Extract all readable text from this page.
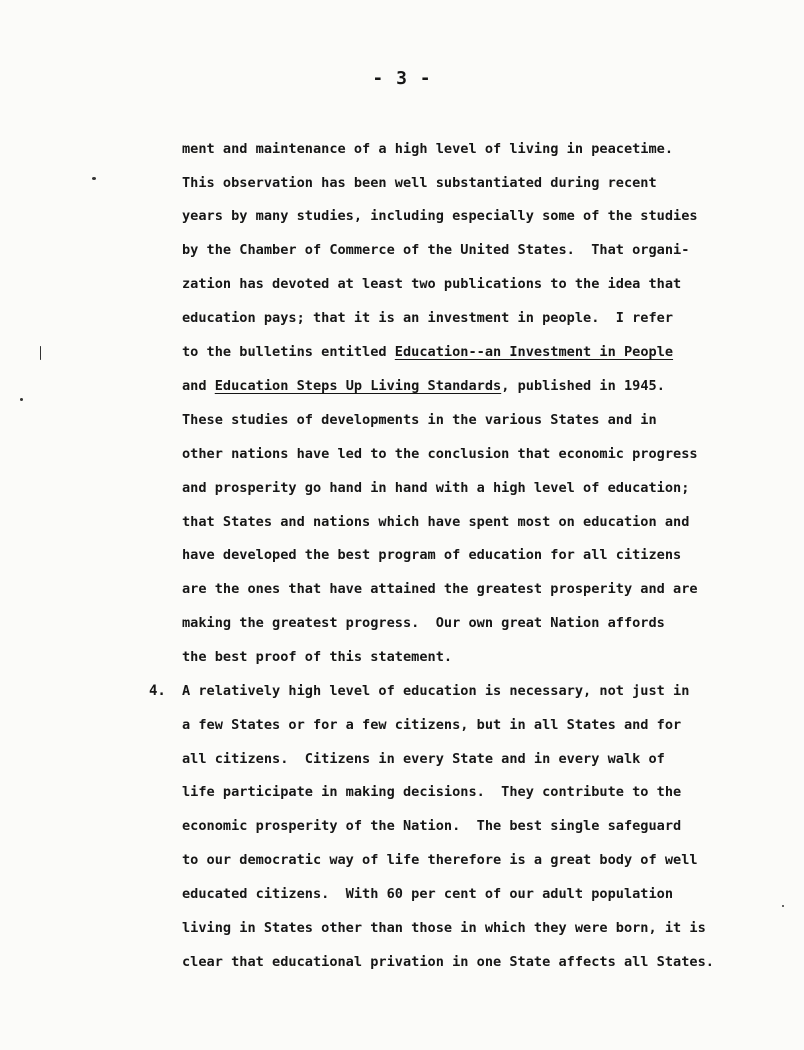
- 3 -
ment and maintenance of a high level of living in peacetime.
This observation has been well substantiated during recent
years by many studies, including especially some of the studies
by the Chamber of Commerce of the United States.  That organi-
zation has devoted at least two publications to the idea that
education pays; that it is an investment in people.  I refer
to the bulletins entitled Education--an Investment in People
and Education Steps Up Living Standards, published in 1945.
These studies of developments in the various States and in
other nations have led to the conclusion that economic progress
and prosperity go hand in hand with a high level of education;
that States and nations which have spent most on education and
have developed the best program of education for all citizens
are the ones that have attained the greatest prosperity and are
making the greatest progress.  Our own great Nation affords
the best proof of this statement.
4. A relatively high level of education is necessary, not just in
a few States or for a few citizens, but in all States and for
all citizens.  Citizens in every State and in every walk of
life participate in making decisions.  They contribute to the
economic prosperity of the Nation.  The best single safeguard
to our democratic way of life therefore is a great body of well
educated citizens.  With 60 per cent of our adult population
living in States other than those in which they were born, it is
clear that educational privation in one State affects all States.
